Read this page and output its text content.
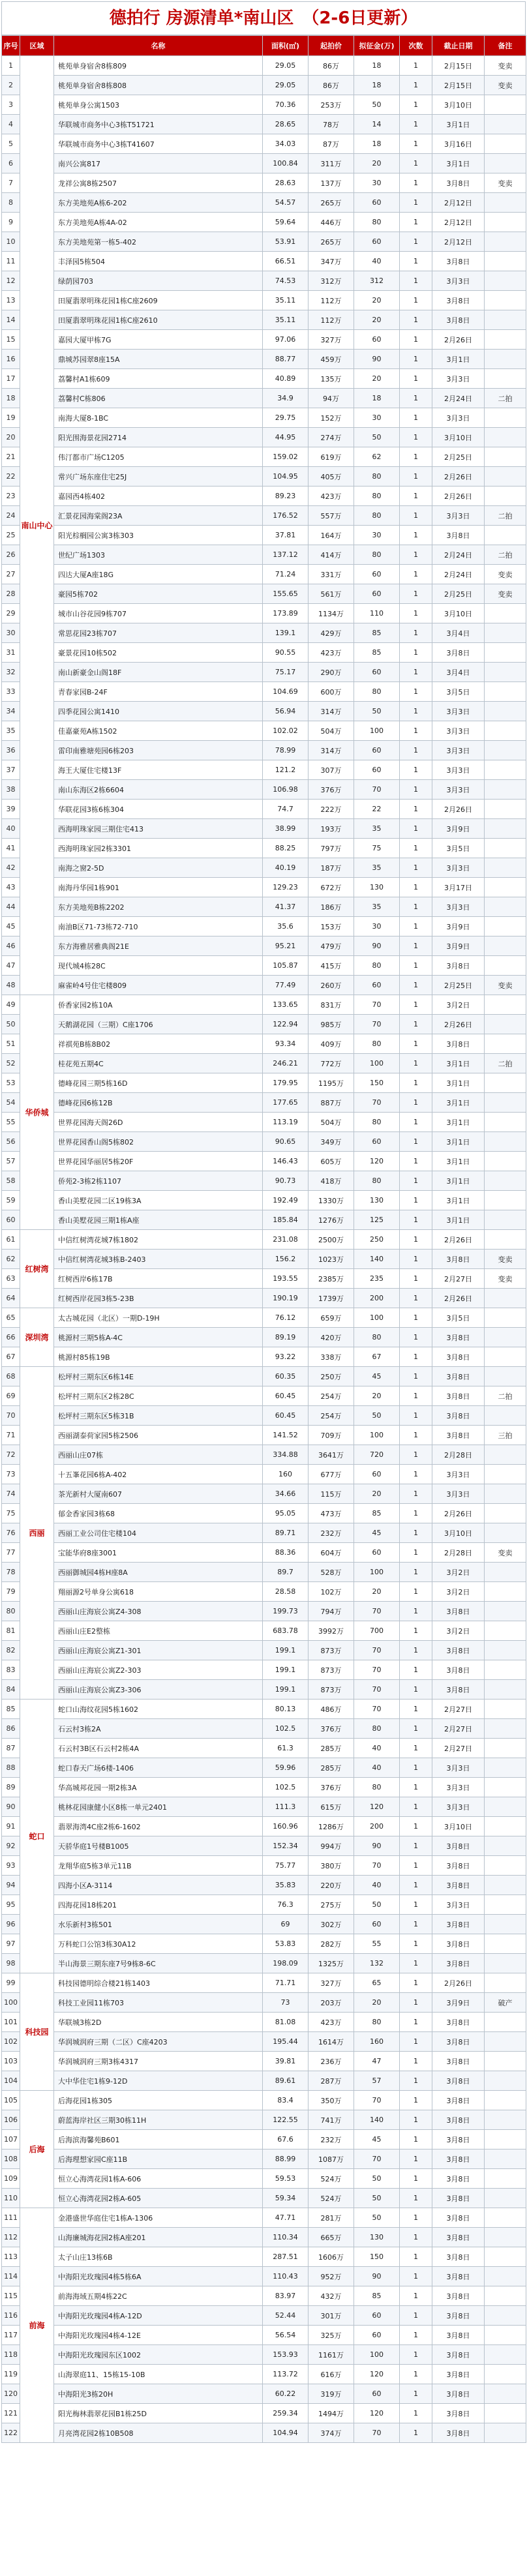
德拍行 房源清单*南山区　（2-6日更新）
序号	区域	名称	面积(㎡)	起拍价	拟征金(万)	次数	截止日期	备注
1	南山中心	桃苑单身宿舍8栋809	29.05	86万	18	1	2月15日	变卖
2		桃苑单身宿舍8栋808	29.05	86万	18	1	2月15日	变卖
3		桃苑单身公寓1503	70.36	253万	50	1	3月10日	
4		华联城市商务中心3栋T51721	28.65	78万	14	1	3月1日	
5		华联城市商务中心3栋T41607	34.03	87万	18	1	3月16日	
6		南兴公寓817	100.84	311万	20	1	3月1日	
7		龙祥公寓8栋2507	28.63	137万	30	1	3月8日	变卖
8		东方美地苑A栋6-202	54.57	265万	60	1	2月12日	
9		东方美地苑A栋4A-02	59.64	446万	80	1	2月12日	
10		东方美地苑第一栋5-402	53.91	265万	60	1	2月12日	
11		丰泽园5栋504	66.51	347万	40	1	3月8日	
12		绿荫园703	74.53	312万	312	1	3月3日	
13		田厦翡翠明珠花园1栋C座2609	35.11	112万	20	1	3月8日	
14		田厦翡翠明珠花园1栋C座2610	35.11	112万	20	1	3月8日	
15		嘉园大厦甲栋7G	97.06	327万	60	1	2月26日	
16		鼎城苏园翠8座15A	88.77	459万	90	1	3月1日	
17		荔馨村A1栋609	40.89	135万	20	1	3月3日	
18		荔馨村C栋806	34.9	94万	18	1	2月24日	二拍
19		南海大厦8-1BC	29.75	152万	30	1	3月3日	
20		阳光围海景花园2714	44.95	274万	50	1	3月10日	
21		伟汀都市广场C1205	159.02	619万	62	1	2月25日	
22		常兴广场东座住宅25J	104.95	405万	80	1	2月26日	
23		嘉园西4栋402	89.23	423万	80	1	2月26日	
24		汇景花园海棠阁23A	176.52	557万	80	1	3月3日	二拍
25		阳光棕榈园公寓3栋303	37.81	164万	30	1	3月8日	
26		世纪广场1303	137.12	414万	80	1	2月24日	二拍
27		四达大厦A座18G	71.24	331万	60	1	2月24日	变卖
28		豪园5栋702	155.65	561万	60	1	2月25日	变卖
29		城市山谷花园9栋707	173.89	1134万	110	1	3月10日	
30		常思花园23栋707	139.1	429万	85	1	3月4日	
31		豪景花园10栋502	90.55	423万	85	1	3月8日	
32		南山新豪金山阁18F	75.17	290万	60	1	3月4日	
33		青春家园B-24F	104.69	600万	80	1	3月5日	
34		四季花园公寓1410	56.94	314万	50	1	3月3日	
35		佳嘉豪苑A栋1502	102.02	504万	100	1	3月3日	
36		雷印南雅塘苑园6栋203	78.99	314万	60	1	3月3日	
37		海王大厦住宅楼13F	121.2	307万	60	1	3月3日	
38		南山东海区2栋6604	106.98	376万	70	1	3月3日	
39		华联花园3栋6栋304	74.7	222万	22	1	2月26日	
40		西海明珠家园三期住宅413	38.99	193万	35	1	3月9日	
41		西海明珠家园2栋3301	88.25	797万	75	1	3月5日	
42		南海之窗2-5D	40.19	187万	35	1	3月3日	
43		南海丹华园1栋901	129.23	672万	130	1	3月17日	
44		东方美地苑B栋2202	41.37	186万	35	1	3月3日	
45		南油B区71-73栋72-710	35.6	153万	30	1	3月9日	
46		东方海雅居雅典阁21E	95.21	479万	90	1	3月9日	
47		现代城4栋28C	105.87	415万	80	1	3月8日	
48		麻雀岭4号住宅楼809	77.49	260万	60	1	2月25日	变卖
49	华侨城	侨香家园2栋10A	133.65	831万	70	1	3月2日	
50		天鹅湖花园（三期）C座1706	122.94	985万	70	1	2月26日	
51		祥祺苑B栋8B02	93.34	409万	80	1	3月8日	
52		桂花苑五期4C	246.21	772万	100	1	3月1日	二拍
53		德峰花园三期5栋16D	179.95	1195万	150	1	3月1日	
54		德峰花园6栋12B	177.65	887万	70	1	3月1日	
55		世界花园海天阁26D	113.19	504万	80	1	3月1日	
56		世界花园香山阁5栋802	90.65	349万	60	1	3月1日	
57		世界花园华丽居5栋20F	146.43	605万	120	1	3月1日	
58		侨苑2-3栋2栋1107	90.73	418万	80	1	3月1日	
59		香山美墅花园二区19栋3A	192.49	1330万	130	1	3月1日	
60		香山美墅花园三期1栋A座	185.84	1276万	125	1	3月1日	
61	红树湾	中信红树湾花城7栋1802	231.08	2500万	250	1	2月26日	
62		中信红树湾花城3栋B-2403	156.2	1023万	140	1	3月8日	变卖
63		红树西岸6栋17B	193.55	2385万	235	1	2月27日	变卖
64		红树西岸花园3栋5-23B	190.19	1739万	200	1	2月26日	
65	深圳湾	太古城花园（北区）一期D-19H	76.12	659万	100	1	3月5日	
66		桃源村三期5栋A-4C	89.19	420万	80	1	3月8日	
67		桃源村85栋19B	93.22	338万	67	1	3月8日	
68	西丽	松坪村三期东区6栋14E	60.35	250万	45	1	3月8日	
69		松坪村三期东区2栋28C	60.45	254万	20	1	3月8日	二拍
70		松坪村三期东区5栋31B	60.45	254万	50	1	3月8日	
71		西丽湖泰荷家园5栋2506	141.52	709万	100	1	3月8日	三拍
72		西丽山庄07栋	334.88	3641万	720	1	2月28日	
73		十五峯花园6栋A-402	160	677万	60	1	3月3日	
74		茶光新村大厦南607	34.66	115万	20	1	3月3日	
75		郁金香家园3栋68	95.05	473万	85	1	2月26日	
76		西丽工业公司住宅楼104	89.71	232万	45	1	3月10日	
77		宝能华府8座3001	88.36	604万	60	1	2月28日	变卖
78		西丽御城园4栋H座8A	89.7	528万	100	1	3月2日	
79		翔丽源2号单身公寓618	28.58	102万	20	1	3月2日	
80		西丽山庄海宸公寓Z4-308	199.73	794万	70	1	3月8日	
81		西丽山庄E2整栋	683.78	3992万	700	1	3月2日	
82		西丽山庄海宸公寓Z1-301	199.1	873万	70	1	3月8日	
83		西丽山庄海宸公寓Z2-303	199.1	873万	70	1	3月8日	
84		西丽山庄海宸公寓Z3-306	199.1	873万	70	1	3月8日	
85	蛇口	蛇口山海纹花园5栋1602	80.13	486万	70	1	2月27日	
86		石云村3栋2A	102.5	376万	80	1	2月27日	
87		石云村3B区石云村2栋4A	61.3	285万	40	1	2月27日	
88		蛇口春天广场6楼-1406	59.96	285万	40	1	3月3日	
89		华高城邦花园一期2栋3A	102.5	376万	80	1	3月3日	
90		桃林花园康健小区8栋一单元2401	111.3	615万	120	1	3月3日	
91		翡翠海湾4C座2栋6-1602	160.96	1286万	200	1	3月10日	
92		天骄华庭1号楼B1005	152.34	994万	90	1	3月8日	
93		龙翔华庭5栋3单元11B	75.77	380万	70	1	3月8日	
94		四海小区A-3114	35.83	220万	40	1	3月8日	
95		四海花园18栋201	76.3	275万	50	1	3月3日	
96		水乐新村3栋501	69	302万	60	1	3月8日	
97		万科蛇口公馆3栋30A12	53.83	282万	55	1	3月8日	
98		半山海景三期东座7号9栋8-6C	198.09	1325万	132	1	3月8日	
99	科技园	科技园德明综合楼21栋1403	71.71	327万	65	1	2月26日	
100		科技工业园11栋703	73	203万	20	1	3月9日	破产
101		华联城3栋2D	81.08	423万	80	1	3月8日	
102		华润城润府三期（二区）C座4203	195.44	1614万	160	1	3月8日	
103		华润城润府三期3栋4317	39.81	236万	47	1	3月8日	
104		大中华住宅1栋9-12D	89.61	287万	57	1	3月8日	
105	后海	后海花园1栋305	83.4	350万	70	1	3月8日	
106		蔚蓝海岸社区三期30栋11H	122.55	741万	140	1	3月8日	
107		后海滨海馨苑B601	67.6	232万	45	1	3月8日	
108		后海理想家园C座11B	88.99	1087万	70	1	3月8日	
109		恒立心海湾花园1栋A-606	59.53	524万	50	1	3月8日	
110		恒立心海湾花园2栋A-605	59.34	524万	50	1	3月8日	
111	前海	金港盛世华庭住宅1栋A-1306	47.71	281万	50	1	3月8日	
112		山海廉城海花园2栋A座201	110.34	665万	130	1	3月8日	
113		太子山庄13栋6B	287.51	1606万	150	1	3月8日	
114		中海阳光玫瑰园4栋5栋6A	110.43	952万	90	1	3月8日	
115		前海海域五期4栋22C	83.97	432万	85	1	3月8日	
116		中海阳光玫瑰园4栋A-12D	52.44	301万	60	1	3月8日	
117		中海阳光玫瑰园4栋4-12E	56.54	325万	60	1	3月8日	
118		中海阳光玫瑰园东区1002	153.93	1161万	100	1	3月8日	
119		山海翠庭11、15栋15-10B	113.72	616万	120	1	3月8日	
120		中海阳光3栋20H	60.22	319万	60	1	3月8日	
121		阳光梅林翡翠花园B1栋25D	259.34	1494万	120	1	3月8日	
122		月亮湾花园2栋10B508	104.94	374万	70	1	3月8日	
